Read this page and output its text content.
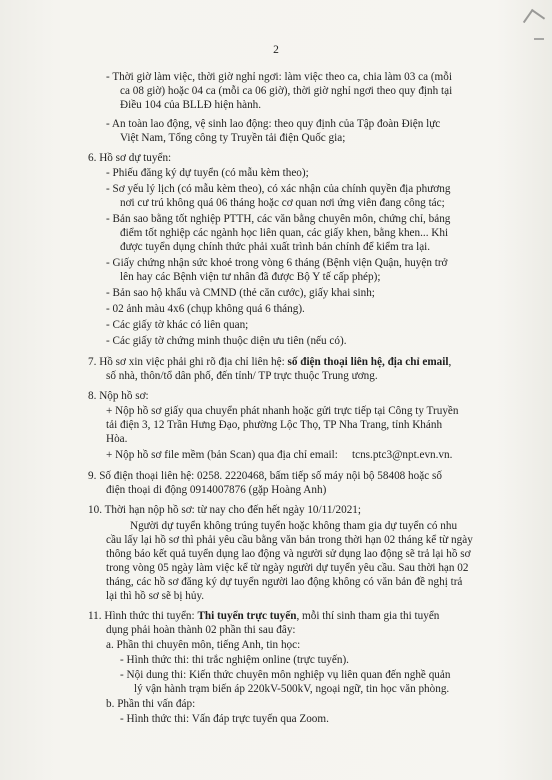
2
- Thời giờ làm việc, thời giờ nghỉ ngơi: làm việc theo ca, chia làm 03 ca (mỗi
ca 08 giờ) hoặc 04 ca (mỗi ca 06 giờ), thời giờ nghỉ ngơi theo quy định tại
Điều 104 của BLLĐ hiện hành.
- An toàn lao động, vệ sinh lao động: theo quy định của Tập đoàn Điện lực
Việt Nam, Tổng công ty Truyền tải điện Quốc gia;
6. Hồ sơ dự tuyển:
- Phiếu đăng ký dự tuyển (có mẫu kèm theo);
- Sơ yếu lý lịch (có mẫu kèm theo), có xác nhận của chính quyền địa phương
nơi cư trú không quá 06 tháng hoặc cơ quan nơi ứng viên đang công tác;
- Bản sao bằng tốt nghiệp PTTH, các văn bằng chuyên môn, chứng chỉ, bảng
điểm tốt nghiệp các ngành học liên quan, các giấy khen, bằng khen... Khi
được tuyển dụng chính thức phải xuất trình bản chính để kiểm tra lại.
- Giấy chứng nhận sức khoẻ trong vòng 6 tháng (Bệnh viện Quận, huyện trở
lên hay các Bệnh viện tư nhân đã được Bộ Y tế cấp phép);
- Bản sao hộ khẩu và CMND (thẻ căn cước), giấy khai sinh;
- 02 ảnh màu 4x6 (chụp không quá 6 tháng).
- Các giấy tờ khác có liên quan;
- Các giấy tờ chứng minh thuộc diện ưu tiên (nếu có).
7. Hồ sơ xin việc phải ghi rõ địa chỉ liên hệ: số điện thoại liên hệ, địa chỉ email,
số nhà, thôn/tổ dân phố, đến tỉnh/ TP trực thuộc Trung ương.
8. Nộp hồ sơ:
+ Nộp hồ sơ giấy qua chuyển phát nhanh hoặc gửi trực tiếp tại Công ty Truyền
tải điện 3, 12 Trần Hưng Đạo, phường Lộc Thọ, TP Nha Trang, tỉnh Khánh
Hòa.
+ Nộp hồ sơ file mềm (bản Scan) qua địa chỉ email: tcns.ptc3@npt.evn.vn.
9. Số điện thoại liên hệ: 0258. 2220468, bấm tiếp số máy nội bộ 58408 hoặc số
điện thoại di động 0914007876 (gặp Hoàng Anh)
10. Thời hạn nộp hồ sơ: từ nay cho đến hết ngày 10/11/2021;
Người dự tuyển không trúng tuyển hoặc không tham gia dự tuyển có nhu
cầu lấy lại hồ sơ thì phải yêu cầu bằng văn bản trong thời hạn 02 tháng kể từ ngày
thông báo kết quả tuyển dụng lao động và người sử dụng lao động sẽ trả lại hồ sơ
trong vòng 05 ngày làm việc kể từ ngày người dự tuyển yêu cầu. Sau thời hạn 02
tháng, các hồ sơ đăng ký dự tuyển người lao động không có văn bản đề nghị trả
lại thì hồ sơ sẽ bị hủy.
11. Hình thức thi tuyển: Thi tuyển trực tuyến, mỗi thí sinh tham gia thi tuyển
dụng phải hoàn thành 02 phần thi sau đây:
a. Phần thi chuyên môn, tiếng Anh, tin học:
- Hình thức thi: thi trắc nghiệm online (trực tuyến).
- Nội dung thi: Kiến thức chuyên môn nghiệp vụ liên quan đến nghề quản
lý vận hành trạm biến áp 220kV-500kV, ngoại ngữ, tin học văn phòng.
b. Phần thi vấn đáp:
- Hình thức thi: Vấn đáp trực tuyến qua Zoom.
